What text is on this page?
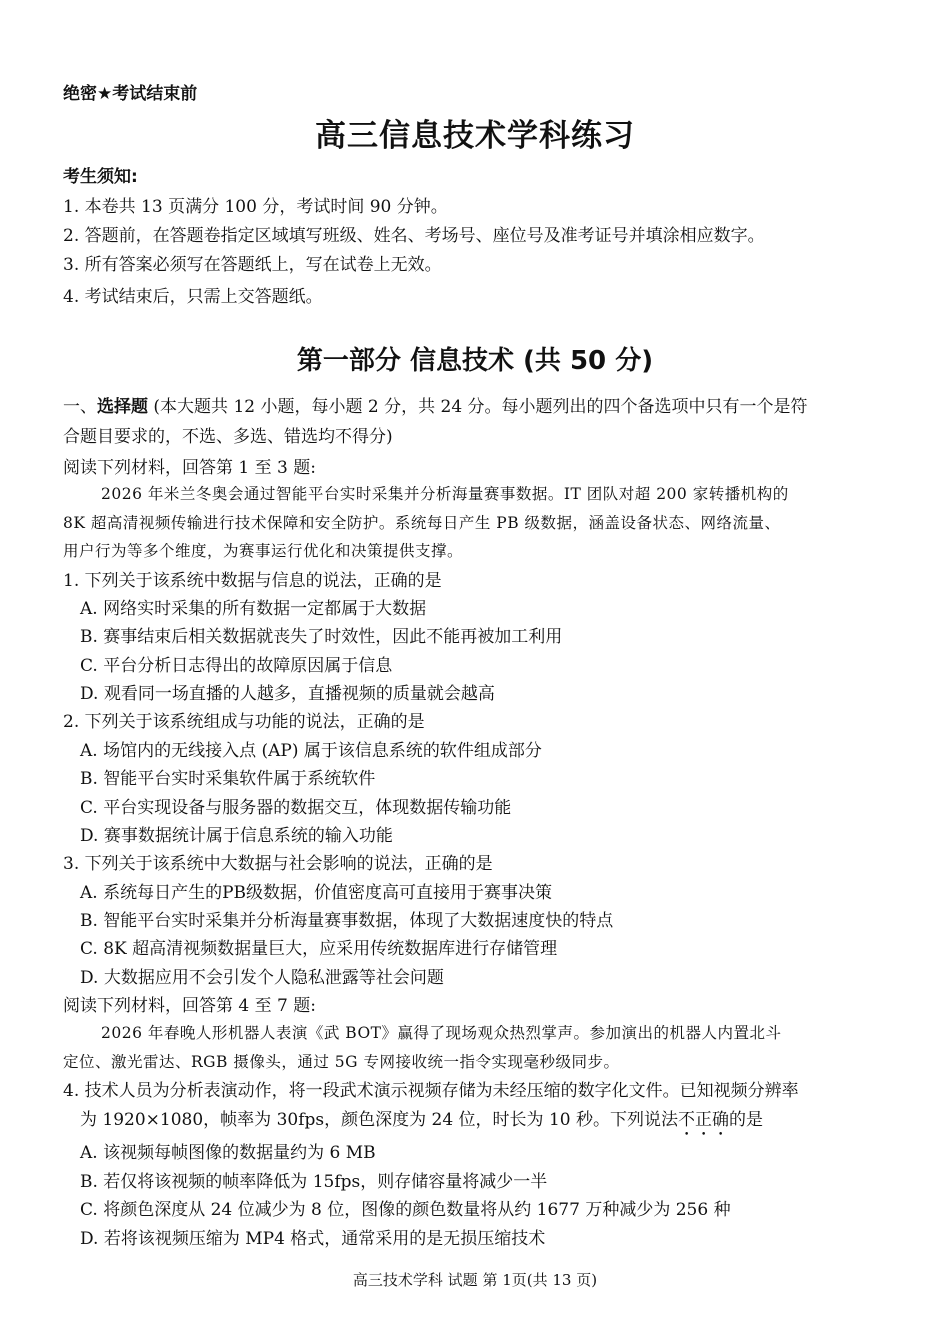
绝密★考试结束前
高三信息技术学科练习
考生须知:
1. 本卷共 13 页满分 100 分，考试时间 90 分钟。
2. 答题前，在答题卷指定区域填写班级、姓名、考场号、座位号及准考证号并填涂相应数字。
3. 所有答案必须写在答题纸上，写在试卷上无效。
4. 考试结束后，只需上交答题纸。
第一部分 信息技术 (共 50 分)
一、选择题 (本大题共 12 小题，每小题 2 分，共 24 分。每小题列出的四个备选项中只有一个是符
合题目要求的，不选、多选、错选均不得分)
阅读下列材料，回答第 1 至 3 题:
2026 年米兰冬奥会通过智能平台实时采集并分析海量赛事数据。IT 团队对超 200 家转播机构的
8K 超高清视频传输进行技术保障和安全防护。系统每日产生 PB 级数据，涵盖设备状态、网络流量、
用户行为等多个维度，为赛事运行优化和决策提供支撑。
1. 下列关于该系统中数据与信息的说法，正确的是
A. 网络实时采集的所有数据一定都属于大数据
B. 赛事结束后相关数据就丧失了时效性，因此不能再被加工利用
C. 平台分析日志得出的故障原因属于信息
D. 观看同一场直播的人越多，直播视频的质量就会越高
2. 下列关于该系统组成与功能的说法，正确的是
A. 场馆内的无线接入点 (AP) 属于该信息系统的软件组成部分
B. 智能平台实时采集软件属于系统软件
C. 平台实现设备与服务器的数据交互，体现数据传输功能
D. 赛事数据统计属于信息系统的输入功能
3. 下列关于该系统中大数据与社会影响的说法，正确的是
A. 系统每日产生的PB级数据，价值密度高可直接用于赛事决策
B. 智能平台实时采集并分析海量赛事数据，体现了大数据速度快的特点
C. 8K 超高清视频数据量巨大，应采用传统数据库进行存储管理
D. 大数据应用不会引发个人隐私泄露等社会问题
阅读下列材料，回答第 4 至 7 题:
2026 年春晚人形机器人表演《武 BOT》赢得了现场观众热烈掌声。参加演出的机器人内置北斗
定位、激光雷达、RGB 摄像头，通过 5G 专网接收统一指令实现毫秒级同步。
4. 技术人员为分析表演动作，将一段武术演示视频存储为未经压缩的数字化文件。已知视频分辨率
为 1920×1080，帧率为 30fps，颜色深度为 24 位，时长为 10 秒。下列说法不正确的是
A. 该视频每帧图像的数据量约为 6 MB
B. 若仅将该视频的帧率降低为 15fps，则存储容量将减少一半
C. 将颜色深度从 24 位减少为 8 位，图像的颜色数量将从约 1677 万种减少为 256 种
D. 若将该视频压缩为 MP4 格式，通常采用的是无损压缩技术
高三技术学科 试题 第 1页(共 13 页)
